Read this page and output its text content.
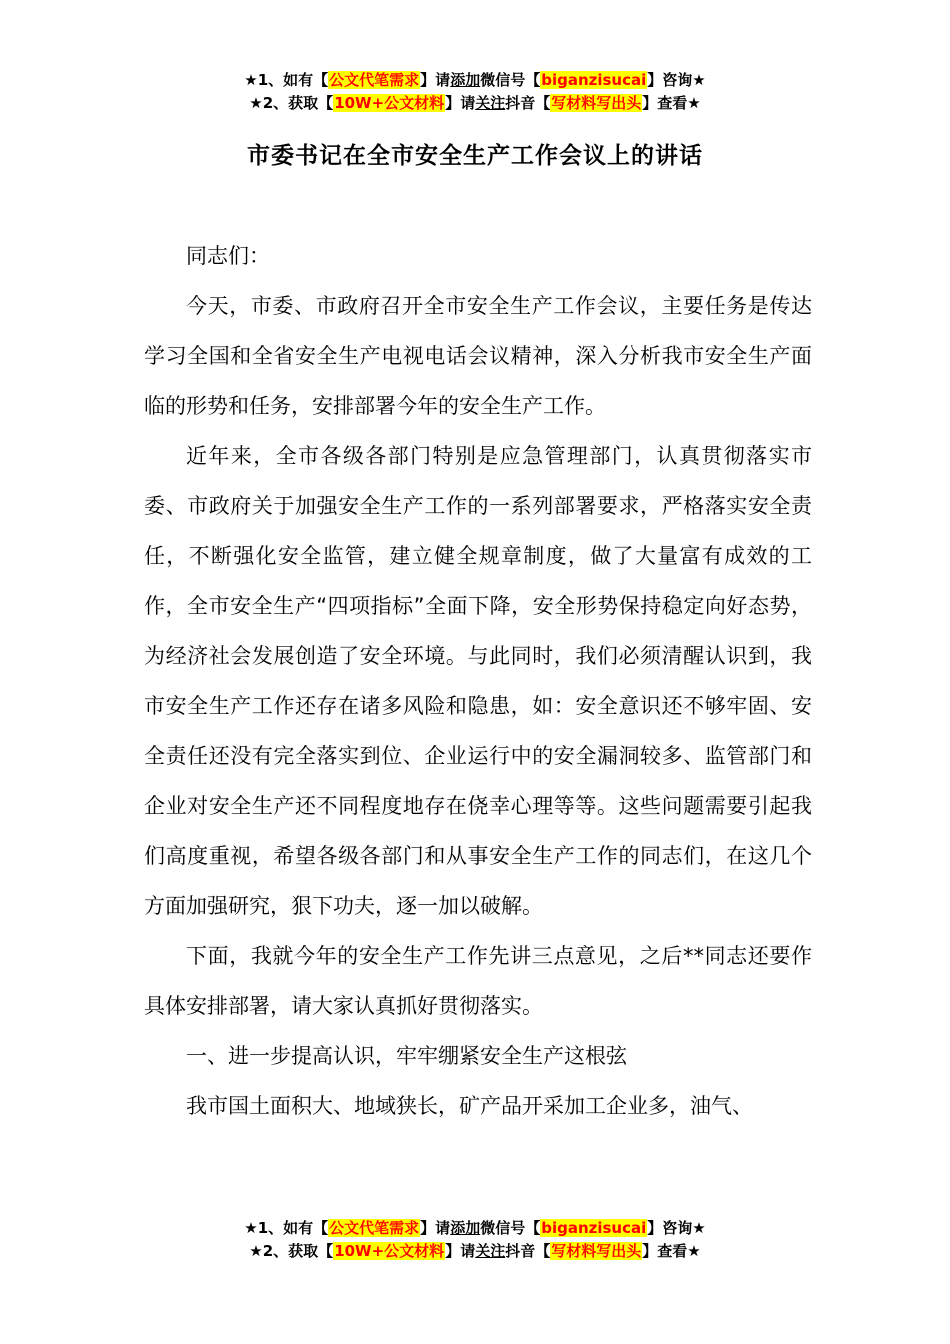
★1、如有【公文代笔需求】请添加微信号【biganzisucai】咨询★
★2、获取【10W+公文材料】请关注抖音【写材料写出头】查看★
市委书记在全市安全生产工作会议上的讲话

同志们：

今天，市委、市政府召开全市安全生产工作会议，主要任务是传达学习全国和全省安全生产电视电话会议精神，深入分析我市安全生产面临的形势和任务，安排部署今年的安全生产工作。

近年来，全市各级各部门特别是应急管理部门，认真贯彻落实市委、市政府关于加强安全生产工作的一系列部署要求，严格落实安全责任，不断强化安全监管，建立健全规章制度，做了大量富有成效的工作，全市安全生产“四项指标”全面下降，安全形势保持稳定向好态势，为经济社会发展创造了安全环境。与此同时，我们必须清醒认识到，我市安全生产工作还存在诸多风险和隐患，如：安全意识还不够牢固、安全责任还没有完全落实到位、企业运行中的安全漏洞较多、监管部门和企业对安全生产还不同程度地存在侥幸心理等等。这些问题需要引起我们高度重视，希望各级各部门和从事安全生产工作的同志们，在这几个方面加强研究，狠下功夫，逐一加以破解。

下面，我就今年的安全生产工作先讲三点意见，之后**同志还要作具体安排部署，请大家认真抓好贯彻落实。

一、进一步提高认识，牢牢绷紧安全生产这根弦

我市国土面积大、地域狭长，矿产品开采加工企业多，油气、

★1、如有【公文代笔需求】请添加微信号【biganzisucai】咨询★
★2、获取【10W+公文材料】请关注抖音【写材料写出头】查看★
